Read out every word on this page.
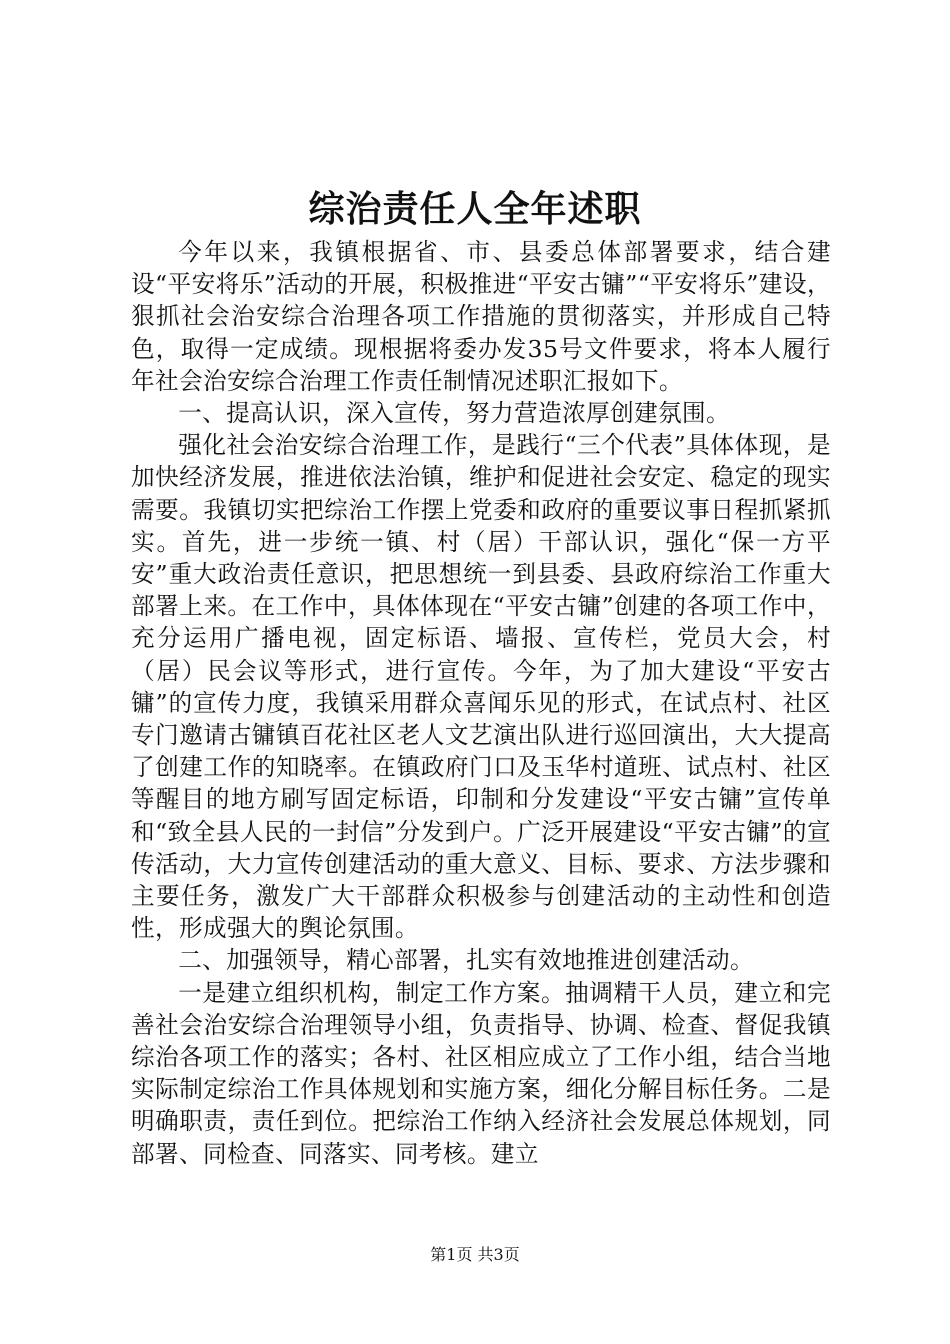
综治责任人全年述职

今年以来，我镇根据省、市、县委总体部署要求，结合建设“平安将乐”活动的开展，积极推进“平安古镛”“平安将乐”建设，狠抓社会治安综合治理各项工作措施的贯彻落实，并形成自己特色，取得一定成绩。现根据将委办发35号文件要求，将本人履行年社会治安综合治理工作责任制情况述职汇报如下。

一、提高认识，深入宣传，努力营造浓厚创建氛围。

强化社会治安综合治理工作，是践行“三个代表”具体体现，是加快经济发展，推进依法治镇，维护和促进社会安定、稳定的现实需要。我镇切实把综治工作摆上党委和政府的重要议事日程抓紧抓实。首先，进一步统一镇、村（居）干部认识，强化“保一方平安”重大政治责任意识，把思想统一到县委、县政府综治工作重大部署上来。在工作中，具体体现在“平安古镛”创建的各项工作中，充分运用广播电视，固定标语、墙报、宣传栏，党员大会，村（居）民会议等形式，进行宣传。今年，为了加大建设“平安古镛”的宣传力度，我镇采用群众喜闻乐见的形式，在试点村、社区专门邀请古镛镇百花社区老人文艺演出队进行巡回演出，大大提高了创建工作的知晓率。在镇政府门口及玉华村道班、试点村、社区等醒目的地方刷写固定标语，印制和分发建设“平安古镛”宣传单和“致全县人民的一封信”分发到户。广泛开展建设“平安古镛”的宣传活动，大力宣传创建活动的重大意义、目标、要求、方法步骤和主要任务，激发广大干部群众积极参与创建活动的主动性和创造性，形成强大的舆论氛围。

二、加强领导，精心部署，扎实有效地推进创建活动。

一是建立组织机构，制定工作方案。抽调精干人员，建立和完善社会治安综合治理领导小组，负责指导、协调、检查、督促我镇综治各项工作的落实；各村、社区相应成立了工作小组，结合当地实际制定综治工作具体规划和实施方案，细化分解目标任务。二是明确职责，责任到位。把综治工作纳入经济社会发展总体规划，同部署、同检查、同落实、同考核。建立

第1页 共3页
